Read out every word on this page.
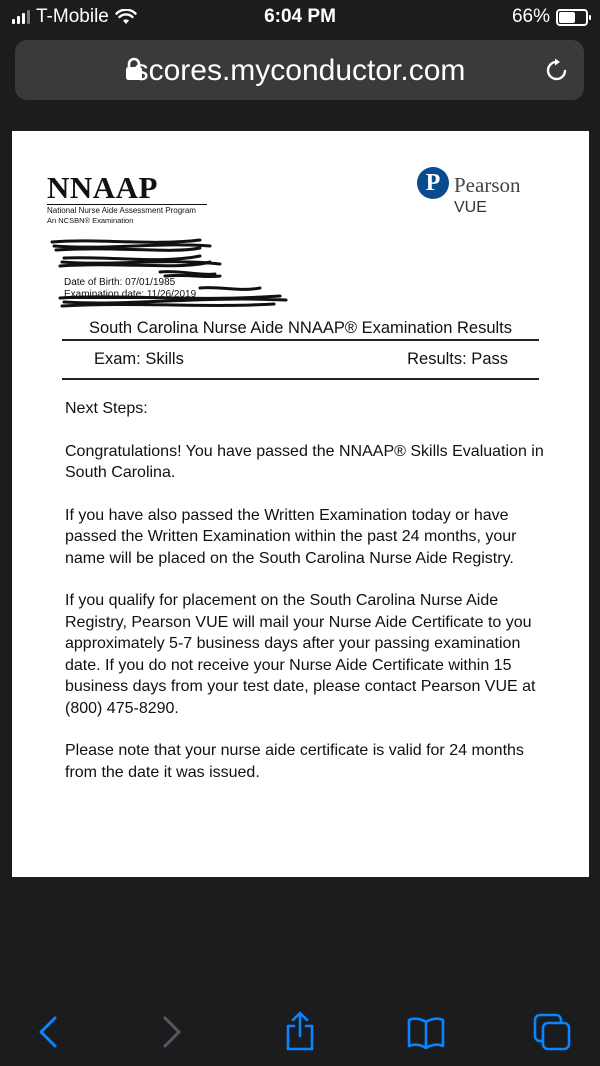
T-Mobile	6:04 PM	66%
scores.myconductor.com
NNAAP
National Nurse Aide Assessment Program
An NCSBN® Examination
P Pearson
VUE
Date of Birth: 07/01/1985
Examination date: 11/26/2019
South Carolina Nurse Aide NNAAP® Examination Results
Exam: Skills	Results: Pass

Next Steps:

Congratulations! You have passed the NNAAP® Skills Evaluation in South Carolina.

If you have also passed the Written Examination today or have passed the Written Examination within the past 24 months, your name will be placed on the South Carolina Nurse Aide Registry.

If you qualify for placement on the South Carolina Nurse Aide Registry, Pearson VUE will mail your Nurse Aide Certificate to you approximately 5-7 business days after your passing examination date. If you do not receive your Nurse Aide Certificate within 15 business days from your test date, please contact Pearson VUE at (800) 475-8290.

Please note that your nurse aide certificate is valid for 24 months from the date it was issued.
